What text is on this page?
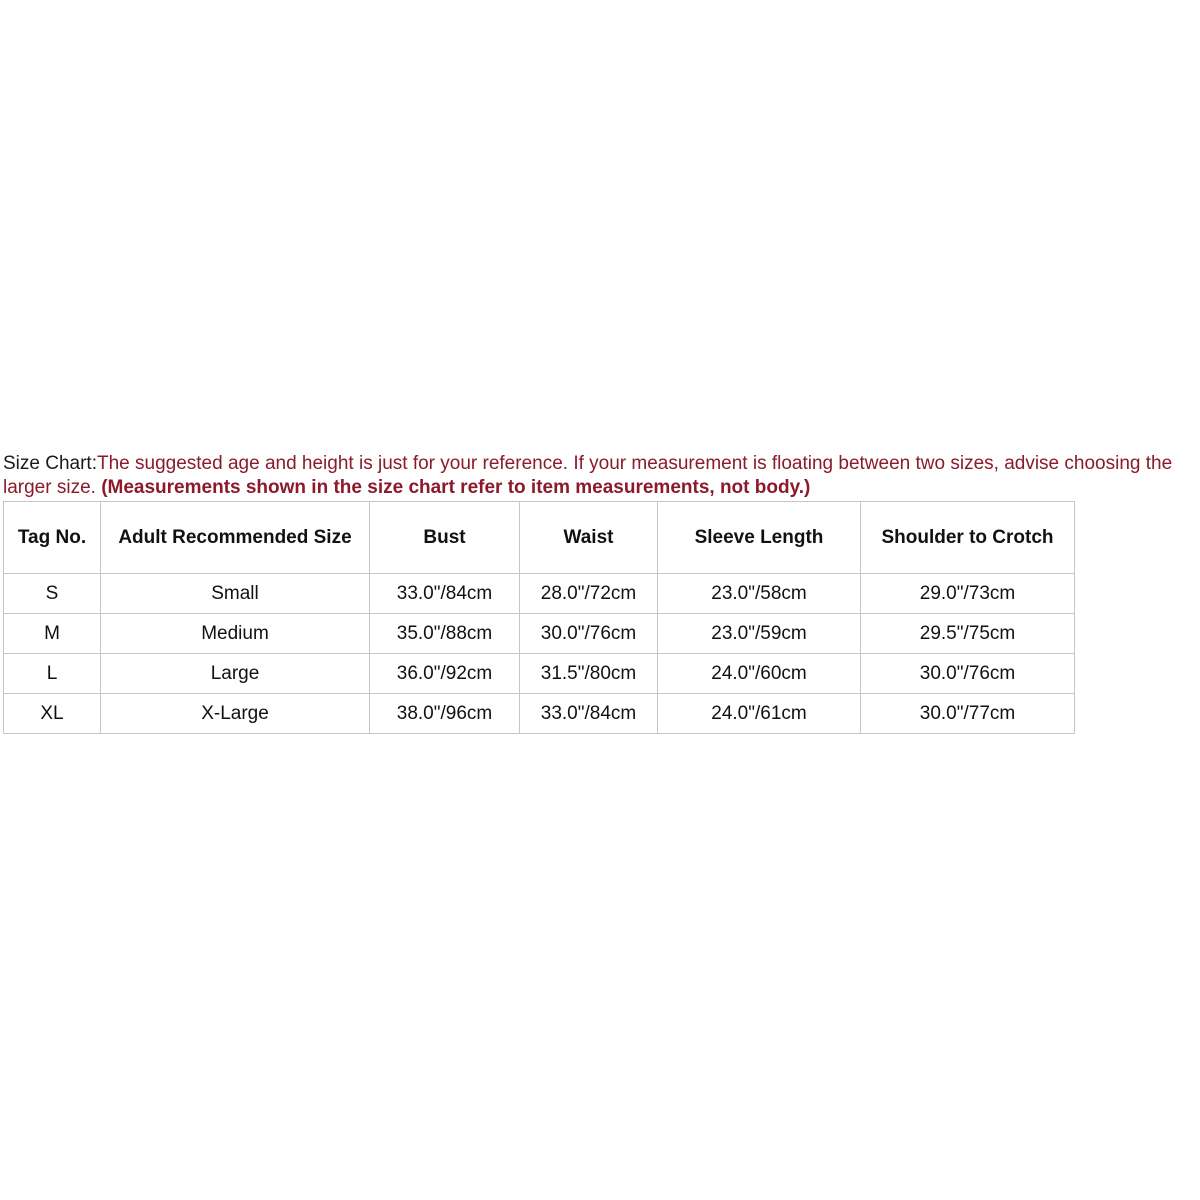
Size Chart:The suggested age and height is just for your reference. If your measurement is floating between two sizes, advise choosing the larger size. (Measurements shown in the size chart refer to item measurements, not body.)
Tag No.	Adult Recommended Size	Bust	Waist	Sleeve Length	Shoulder to Crotch
S	Small	33.0"/84cm	28.0"/72cm	23.0"/58cm	29.0"/73cm
M	Medium	35.0"/88cm	30.0"/76cm	23.0"/59cm	29.5"/75cm
L	Large	36.0"/92cm	31.5"/80cm	24.0"/60cm	30.0"/76cm
XL	X-Large	38.0"/96cm	33.0"/84cm	24.0"/61cm	30.0"/77cm
